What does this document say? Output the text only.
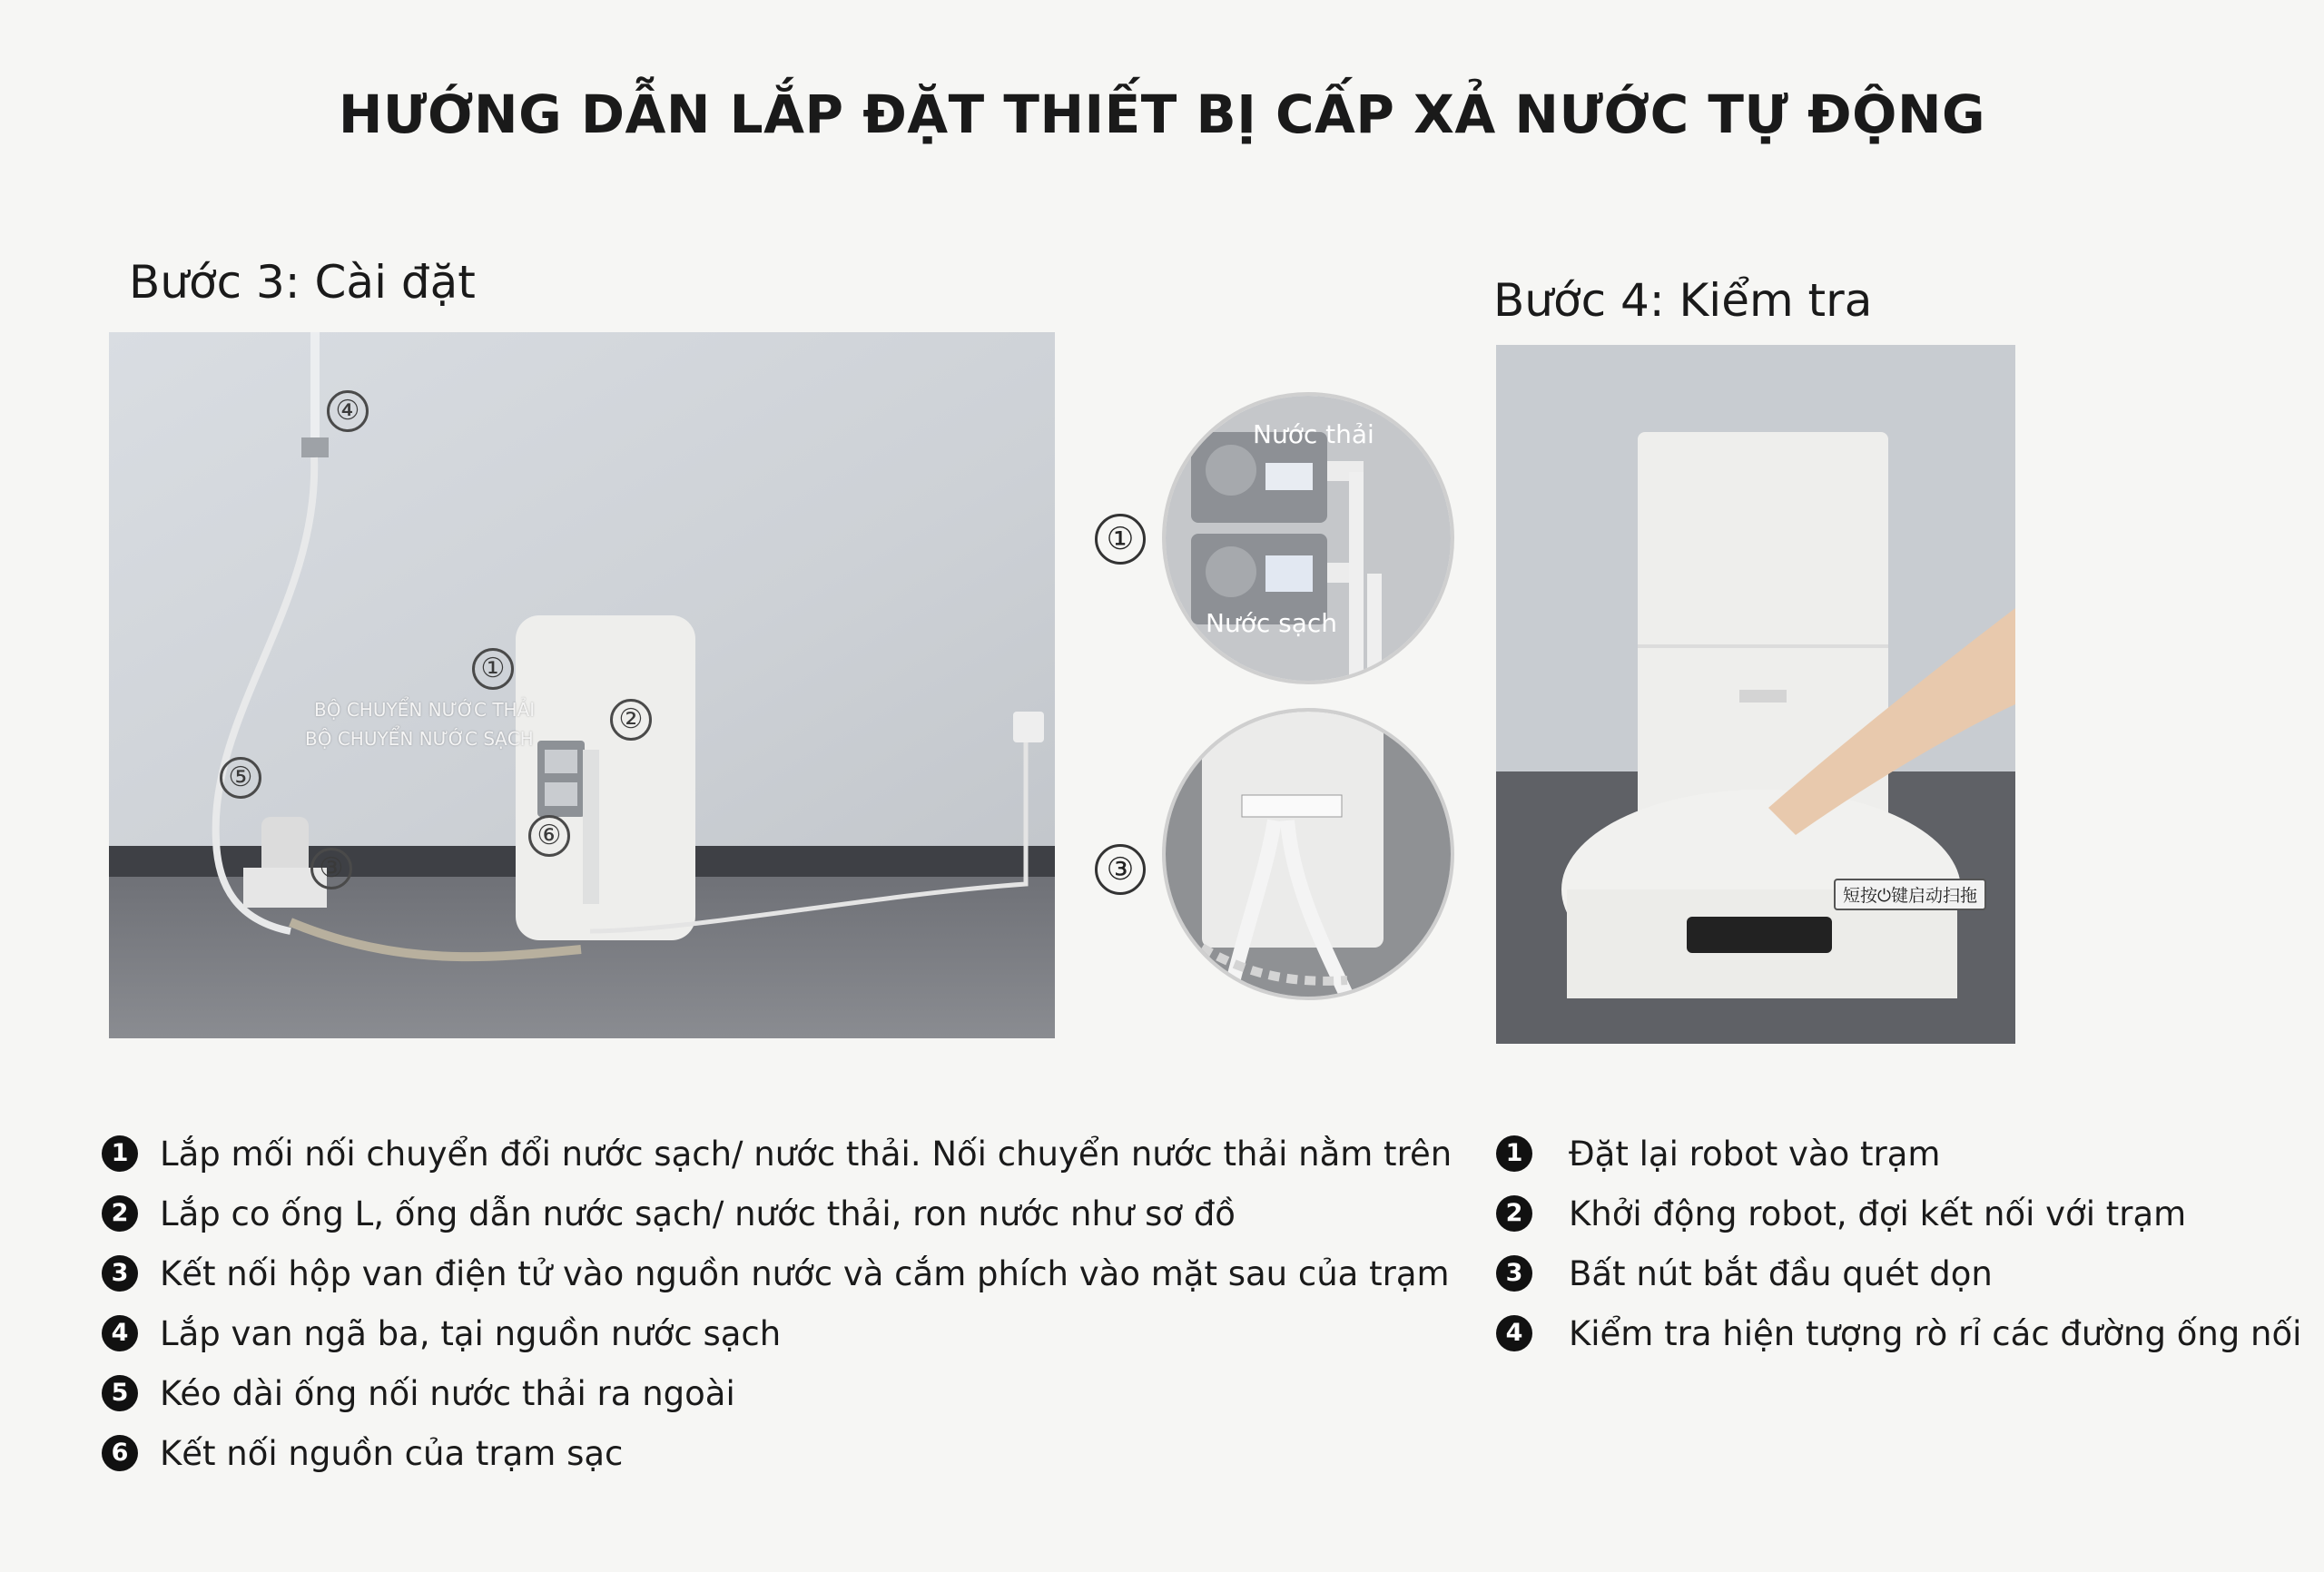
HƯỚNG DẪN LẮP ĐẶT THIẾT BỊ CẤP XẢ NƯỚC TỰ ĐỘNG
Bước 3: Cài đặt	Bước 4: Kiểm tra
④
①
②
⑤
⑥
③
BỘ CHUYỂN NƯỚC THẢI
BỘ CHUYỂN NƯỚC SẠCH
①
Nước thải
Nước sạch
③
短按⏻键启动扫拖
1 Lắp mối nối chuyển đổi nước sạch/ nước thải. Nối chuyển nước thải nằm trên
2 Lắp co ống L, ống dẫn nước sạch/ nước thải, ron nước như sơ đồ
3 Kết nối hộp van điện tử vào nguồn nước và cắm phích vào mặt sau của trạm
4 Lắp van ngã ba, tại nguồn nước sạch
5 Kéo dài ống nối nước thải ra ngoài
6 Kết nối nguồn của trạm sạc
1 Đặt lại robot vào trạm
2 Khởi động robot, đợi kết nối với trạm
3 Bất nút bắt đầu quét dọn
4 Kiểm tra hiện tượng rò rỉ các đường ống nối
